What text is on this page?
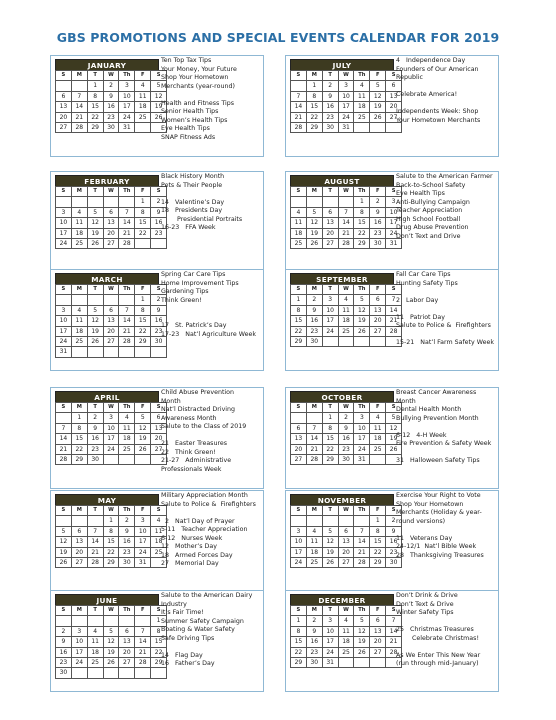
GBS PROMOTIONS AND SPECIAL EVENTS CALENDAR FOR 2019
JANUARY
S	M	T	W	Th	F	S
		1	2	3	4	5
6	7	8	9	10	11	12
13	14	15	16	17	18	19
20	21	22	23	24	25	26
27	28	29	30	31		
Ten Top Tax Tips
Your Money, Your Future
Shop Your Hometown
Merchants (year-round)

Health and Fitness Tips
Senior Health Tips
Women’s Health Tips
Eye Health Tips
SNAP Fitness Ads
JULY
S	M	T	W	Th	F	S
	1	2	3	4	5	6
7	8	9	10	11	12	13
14	15	16	17	18	19	20
21	22	23	24	25	26	27
28	29	30	31			
4   Independence Day
Founders of Our American
Republic

Celebrate America!

Independents Week: Shop
Your Hometown Merchants
FEBRUARY
S	M	T	W	Th	F	S
					1	2
3	4	5	6	7	8	9
10	11	12	13	14	15	16
17	18	19	20	21	22	23
24	25	26	27	28		
Black History Month
Pets & Their People

14   Valentine’s Day
18   Presidents Day
Presidential Portraits
16-23   FFA Week
AUGUST
S	M	T	W	Th	F	S
				1	2	3
4	5	6	7	8	9	10
11	12	13	14	15	16	17
18	19	20	21	22	23	24
25	26	27	28	29	30	31
Salute to the American Farmer
Back-to-School Safety
Eye Health Tips
Anti-Bullying Campaign
Teacher Appreciation
High School Football
Drug Abuse Prevention
Don’t Text and Drive
MARCH
S	M	T	W	Th	F	S
					1	2
3	4	5	6	7	8	9
10	11	12	13	14	15	16
17	18	19	20	21	22	23
24	25	26	27	28	29	30
31						
Spring Car Care Tips
Home Improvement Tips
Gardening Tips
Think Green!

17   St. Patrick’s Day
17-23   Nat’l Agriculture Week
SEPTEMBER
S	M	T	W	Th	F	S
1	2	3	4	5	6	7
8	9	10	11	12	13	14
15	16	17	18	19	20	21
22	23	24	25	26	27	28
29	30					
Fall Car Care Tips
Hunting Safety Tips

2   Labor Day

11   Patriot Day
Salute to Police &  Firefighters

15-21   Nat’l Farm Safety Week
APRIL
S	M	T	W	Th	F	S
	1	2	3	4	5	6
7	8	9	10	11	12	13
14	15	16	17	18	19	20
21	22	23	24	25	26	27
28	29	30				
Child Abuse Prevention
Month
Nat’l Distracted Driving
Awareness Month
Salute to the Class of 2019

21   Easter Treasures
22   Think Green!
21-27   Administrative
Professionals Week
OCTOBER
S	M	T	W	Th	F	S
		1	2	3	4	5
6	7	8	9	10	11	12
13	14	15	16	17	18	19
20	21	22	23	24	25	26
27	28	29	30	31		
Breast Cancer Awareness
Month
Dental Health Month
Bullying Prevention Month

6-12   4-H Week
Fire Prevention & Safety Week

31   Halloween Safety Tips
MAY
S	M	T	W	Th	F	S
			1	2	3	4
5	6	7	8	9	10	11
12	13	14	15	16	17	18
19	20	21	22	23	24	25
26	27	28	29	30	31	
Military Appreciation Month
Salute to Police &  Firefighters

2   Nat’l Day of Prayer
5-11   Teacher Appreciation
6-12   Nurses Week
12   Mother’s Day
18   Armed Forces Day
27   Memorial Day
NOVEMBER
S	M	T	W	Th	F	S
					1	2
3	4	5	6	7	8	9
10	11	12	13	14	15	16
17	18	19	20	21	22	23
24	25	26	27	28	29	30
Exercise Your Right to Vote
Shop Your Hometown
Merchants (Holiday & year-
round versions)

11   Veterans Day
24-12/1  Nat’l Bible Week
28   Thanksgiving Treasures
JUNE
S	M	T	W	Th	F	S
						1
2	3	4	5	6	7	8
9	10	11	12	13	14	15
16	17	18	19	20	21	22
23	24	25	26	27	28	29
30						
Salute to the American Dairy
Industry
It’s Fair Time!
Summer Safety Campaign
Boating & Water Safety
Safe Driving Tips

14   Flag Day
16   Father’s Day
DECEMBER
S	M	T	W	Th	F	S
1	2	3	4	5	6	7
8	9	10	11	12	13	14
15	16	17	18	19	20	21
22	23	24	25	26	27	28
29	30	31				
Don’t Drink & Drive
Don’t Text & Drive
Winter Safety Tips

25   Christmas Treasures
Celebrate Christmas!

As We Enter This New Year
(run through mid-January)
